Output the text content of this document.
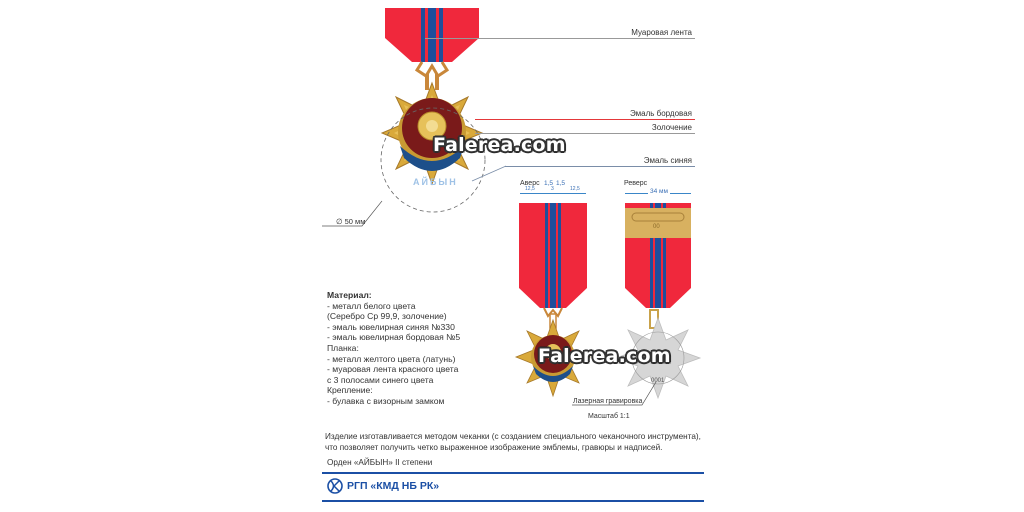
АЙБЫН
∅ 50 мм
Муаровая лента
Эмаль бордовая
Золочение
Эмаль синяя
Falerea.com
Аверс
12,5
1,5
3
1,5
12,5
Реверс
34 мм
00
0001
Falerea.com
Лазерная гравировка
Масштаб 1:1
Материал:
- металл белого цвета
(Серебро Ср 99,9, золочение)
- эмаль ювелирная синяя №330
- эмаль ювелирная бордовая №5
Планка:
- металл желтого цвета (латунь)
- муаровая лента красного цвета
с 3 полосами синего цвета
Крепление:
- булавка с визорным замком
Изделие изготавливается методом чеканки (с созданием специального чеканочного инструмента),
что позволяет получить четко выраженное изображение эмблемы, гравюры и надписей.
Орден «АЙБЫН» II степени
РГП «КМД НБ РК»
